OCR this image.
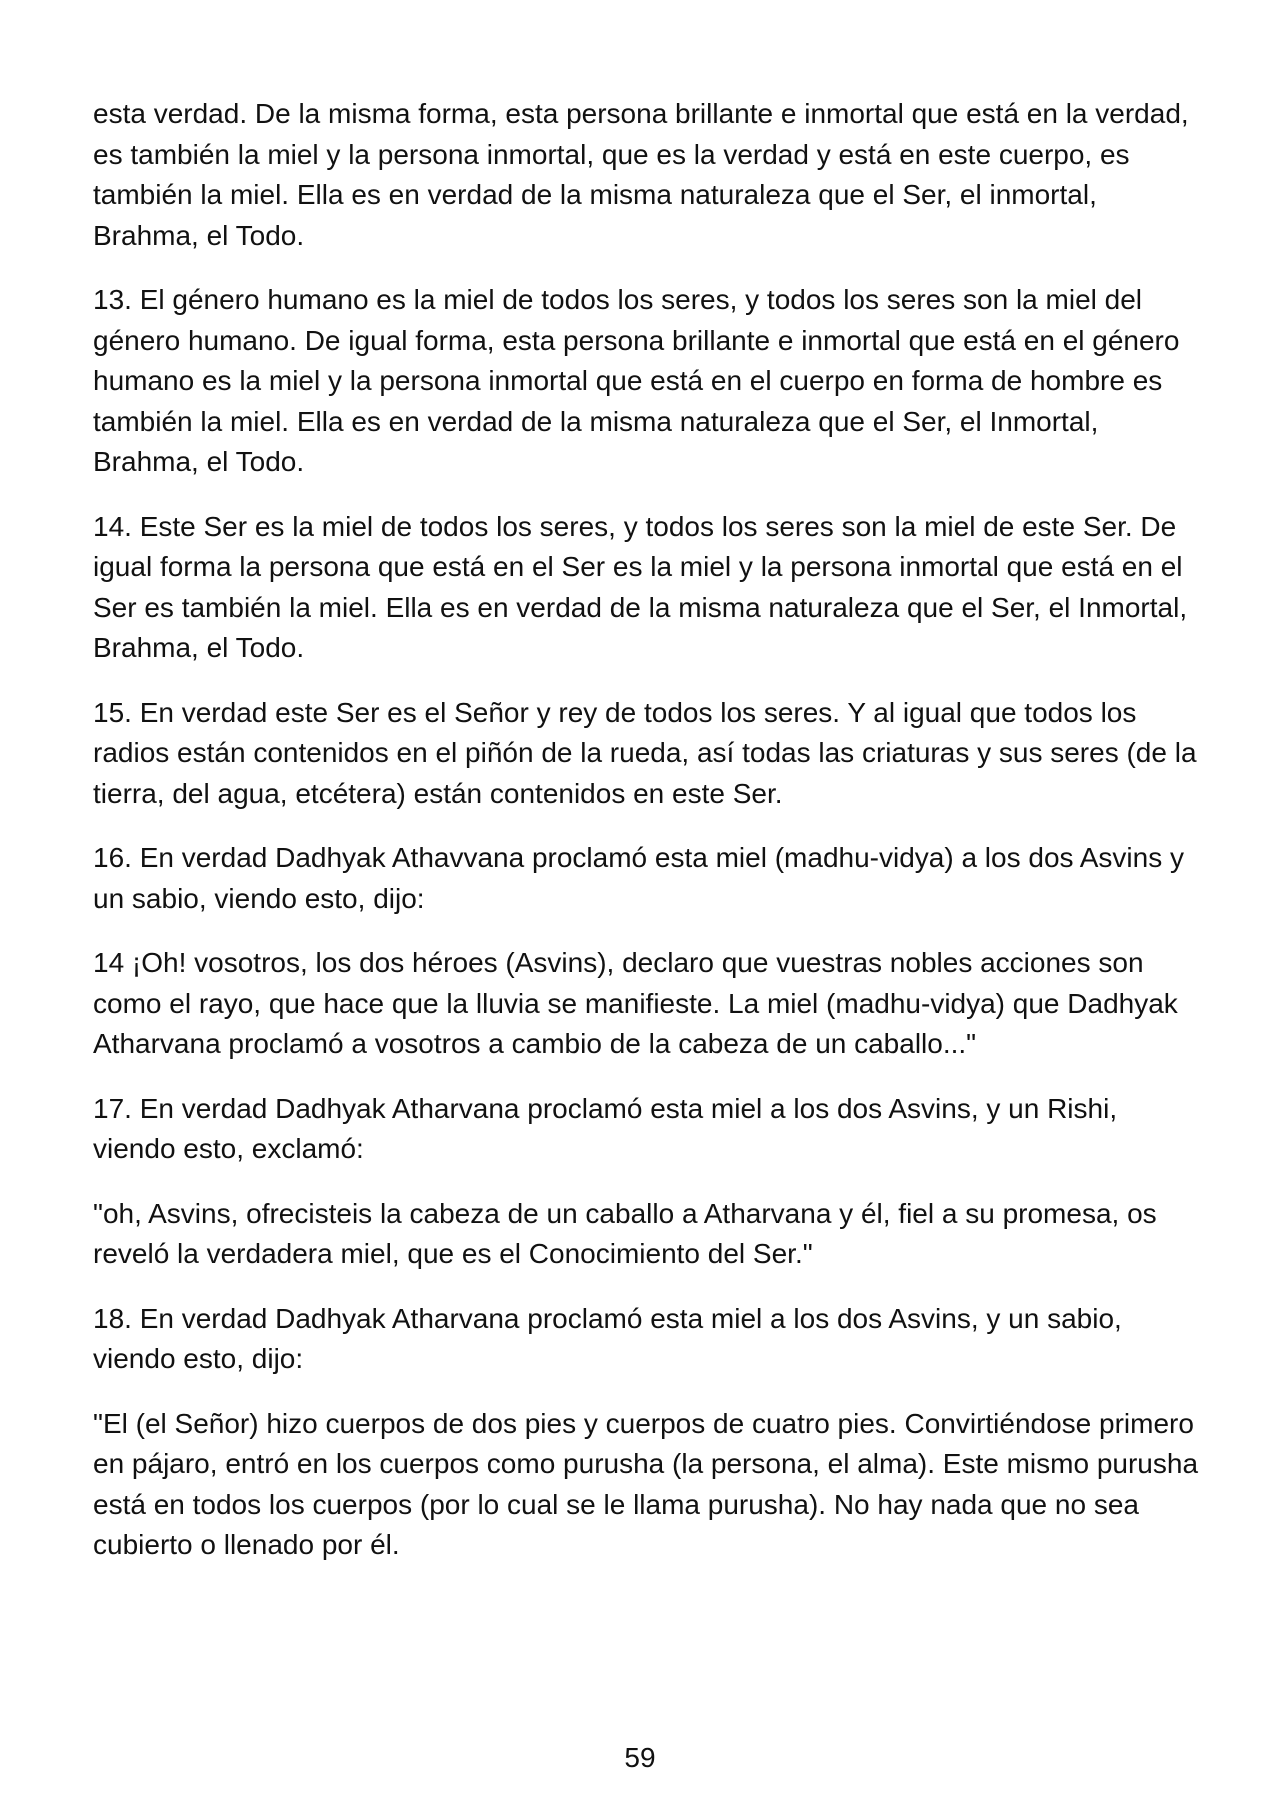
esta verdad. De la misma forma, esta persona brillante e inmortal que está en la verdad, es también la miel y la persona inmortal, que es la verdad y está en este cuerpo, es también la miel. Ella es en verdad de la misma naturaleza que el Ser, el inmortal, Brahma, el Todo.

13. El género humano es la miel de todos los seres, y todos los seres son la miel del género humano. De igual forma, esta persona brillante e inmortal que está en el género humano es la miel y la persona inmortal que está en el cuerpo en forma de hombre es también la miel. Ella es en verdad de la misma naturaleza que el Ser, el Inmortal, Brahma, el Todo.

14. Este Ser es la miel de todos los seres, y todos los seres son la miel de este Ser. De igual forma la persona que está en el Ser es la miel y la persona inmortal que está en el Ser es también la miel. Ella es en verdad de la misma naturaleza que el Ser, el Inmortal, Brahma, el Todo.

15. En verdad este Ser es el Señor y rey de todos los seres. Y al igual que todos los radios están contenidos en el piñón de la rueda, así todas las criaturas y sus seres (de la tierra, del agua, etcétera) están contenidos en este Ser.

16. En verdad Dadhyak Athavvana proclamó esta miel (madhu-vidya) a los dos Asvins y un sabio, viendo esto, dijo:

14 ¡Oh! vosotros, los dos héroes (Asvins), declaro que vuestras nobles acciones son como el rayo, que hace que la lluvia se manifieste. La miel (madhu-vidya) que Dadhyak Atharvana proclamó a vosotros a cambio de la cabeza de un caballo..."

17. En verdad Dadhyak Atharvana proclamó esta miel a los dos Asvins, y un Rishi, viendo esto, exclamó:

"oh, Asvins, ofrecisteis la cabeza de un caballo a Atharvana y él, fiel a su promesa, os reveló la verdadera miel, que es el Conocimiento del Ser."

18. En verdad Dadhyak Atharvana proclamó esta miel a los dos Asvins, y un sabio, viendo esto, dijo:

"El (el Señor) hizo cuerpos de dos pies y cuerpos de cuatro pies. Convirtiéndose primero en pájaro, entró en los cuerpos como purusha (la persona, el alma). Este mismo purusha está en todos los cuerpos (por lo cual se le llama purusha). No hay nada que no sea cubierto o llenado por él.

59
